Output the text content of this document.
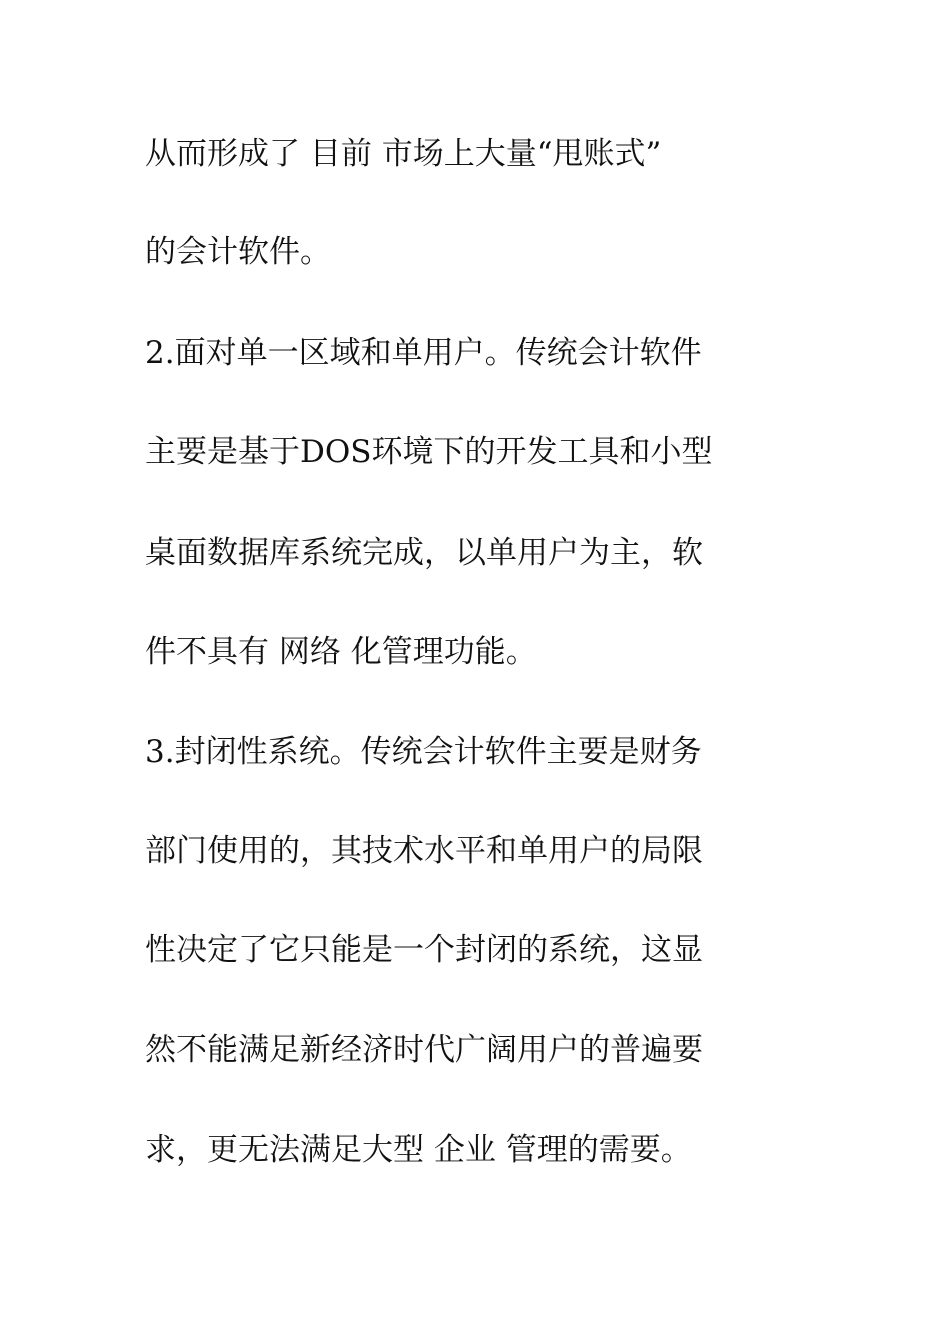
从而形成了 目前 市场上大量“甩账式”
的会计软件。
2.面对单一区域和单用户。传统会计软件
主要是基于DOS环境下的开发工具和小型
桌面数据库系统完成，以单用户为主，软
件不具有 网络 化管理功能。
3.封闭性系统。传统会计软件主要是财务
部门使用的，其技术水平和单用户的局限
性决定了它只能是一个封闭的系统，这显
然不能满足新经济时代广阔用户的普遍要
求，更无法满足大型 企业 管理的需要。
